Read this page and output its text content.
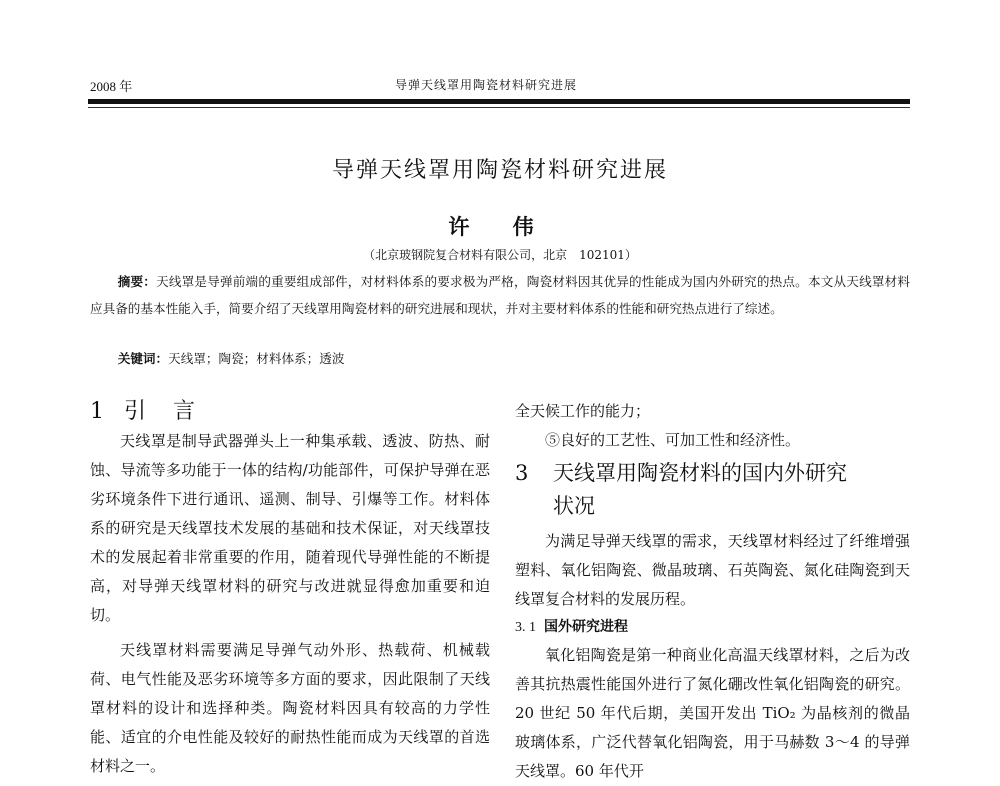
2008 年	导弹天线罩用陶瓷材料研究进展
导弹天线罩用陶瓷材料研究进展
许 伟
（北京玻钢院复合材料有限公司，北京　102101）
摘要：天线罩是导弹前端的重要组成部件，对材料体系的要求极为严格，陶瓷材料因其优异的性能成为国内外研究的热点。本文从天线罩材料应具备的基本性能入手，简要介绍了天线罩用陶瓷材料的研究进展和现状，并对主要材料体系的性能和研究热点进行了综述。
关键词：天线罩；陶瓷；材料体系；透波
1 引 言

天线罩是制导武器弹头上一种集承载、透波、防热、耐蚀、导流等多功能于一体的结构/功能部件，可保护导弹在恶劣环境条件下进行通讯、遥测、制导、引爆等工作。材料体系的研究是天线罩技术发展的基础和技术保证，对天线罩技术的发展起着非常重要的作用，随着现代导弹性能的不断提高，对导弹天线罩材料的研究与改进就显得愈加重要和迫切。

天线罩材料需要满足导弹气动外形、热载荷、机械载荷、电气性能及恶劣环境等多方面的要求，因此限制了天线罩材料的设计和选择种类。陶瓷材料因具有较高的力学性能、适宜的介电性能及较好的耐热性能而成为天线罩的首选材料之一。

全天候工作的能力；

⑤良好的工艺性、可加工性和经济性。

3 天线罩用陶瓷材料的国内外研究
状况

为满足导弹天线罩的需求，天线罩材料经过了纤维增强塑料、氧化铝陶瓷、微晶玻璃、石英陶瓷、氮化硅陶瓷到天线罩复合材料的发展历程。

3. 1 国外研究进程

氧化铝陶瓷是第一种商业化高温天线罩材料，之后为改善其抗热震性能国外进行了氮化硼改性氧化铝陶瓷的研究。20 世纪 50 年代后期，美国开发出 TiO₂ 为晶核剂的微晶玻璃体系，广泛代替氧化铝陶瓷，用于马赫数 3～4 的导弹天线罩。60 年代开
